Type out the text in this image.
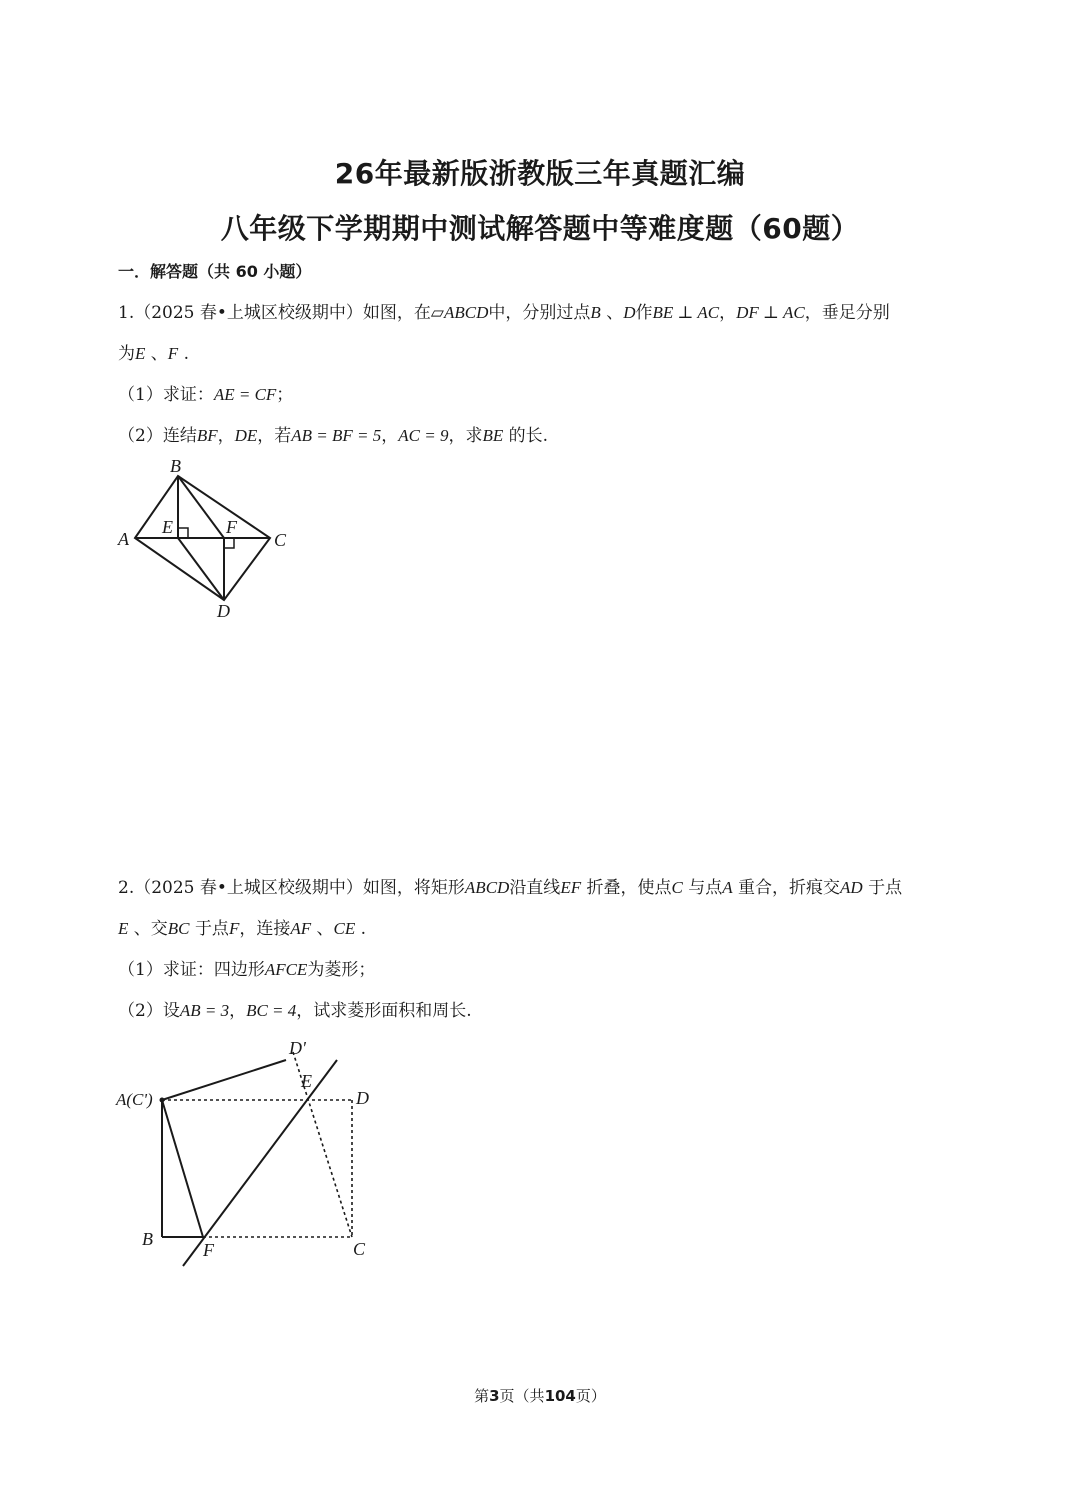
26年最新版浙教版三年真题汇编
八年级下学期期中测试解答题中等难度题（60题）
一．解答题（共 60 小题）
1.（2025 春•上城区校级期中）如图，在▱ABCD中，分别过点B 、D作BE ⊥ AC，DF ⊥ AC，垂足分别
为E 、F .
（1）求证：AE = CF；
（2）连结BF，DE，若AB = BF = 5，AC = 9，求BE 的长.
A
B
C
D
E	F
2.（2025 春•上城区校级期中）如图，将矩形ABCD沿直线EF 折叠，使点C 与点A 重合，折痕交AD 于点
E 、交BC 于点F，连接AF 、CE .
（1）求证：四边形AFCE为菱形；
（2）设AB = 3，BC = 4，试求菱形面积和周长.
A(C')
D'
E
D
B
F	C
第3页（共104页）
